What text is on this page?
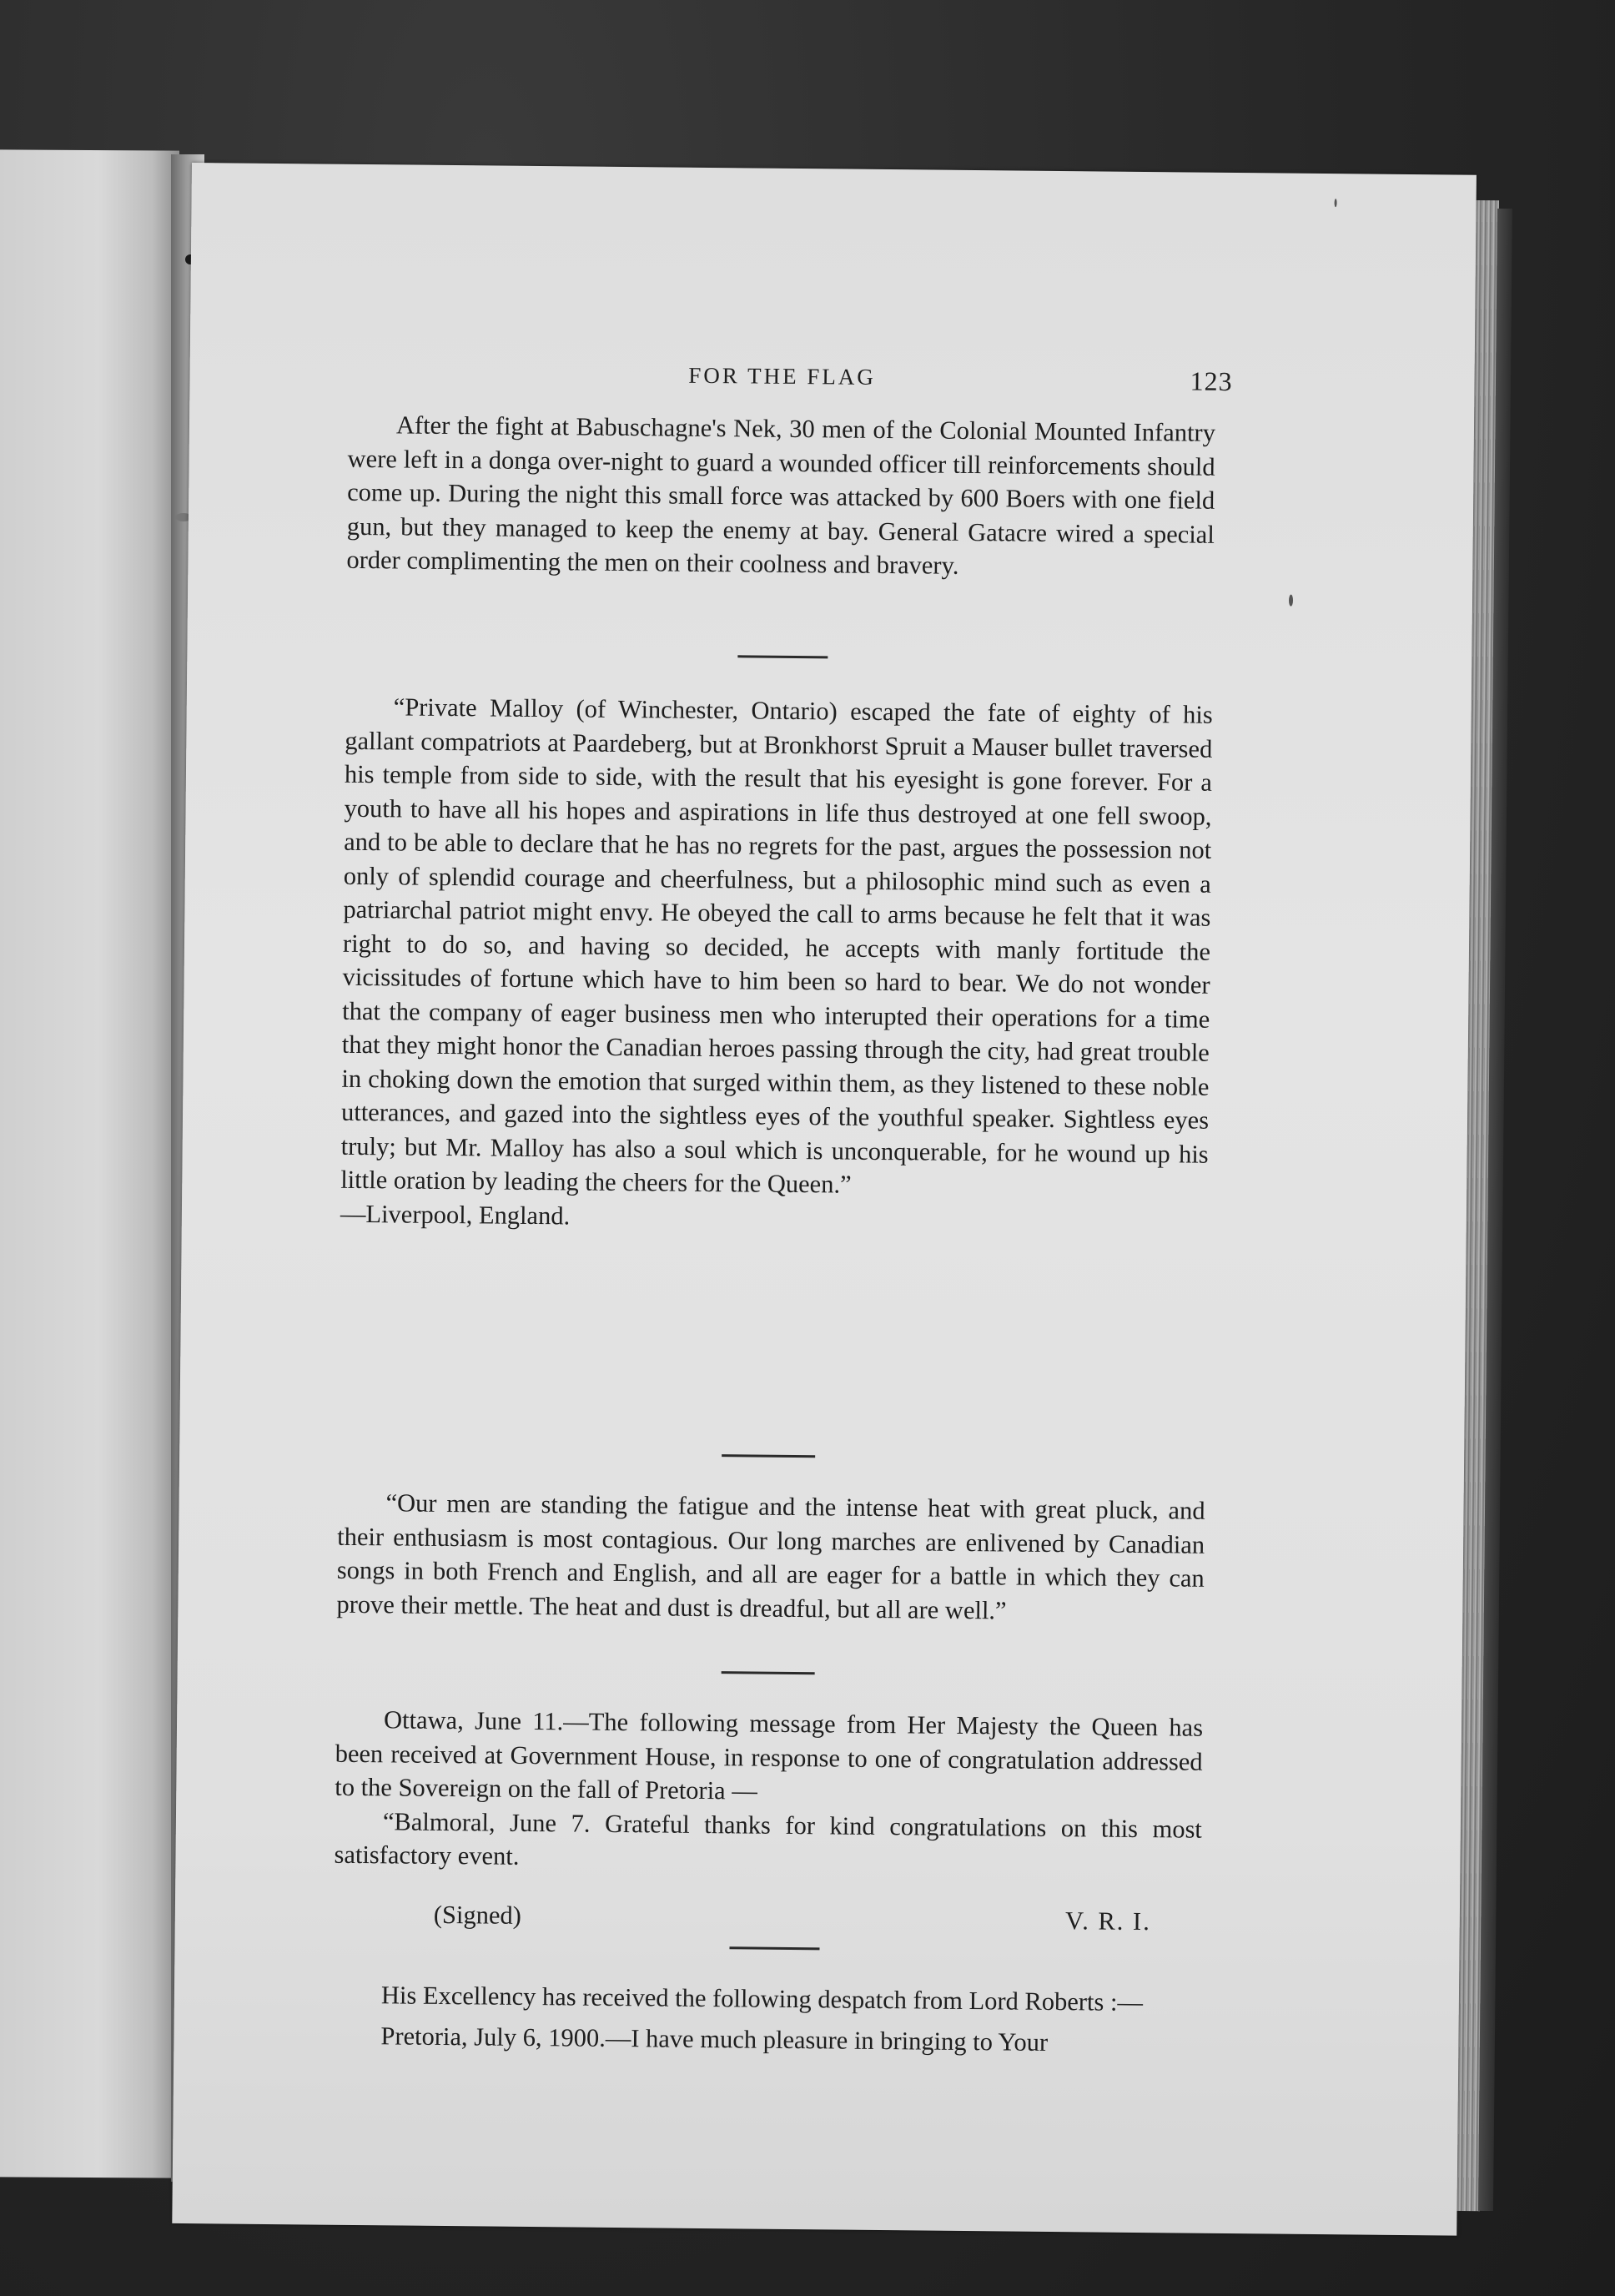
FOR THE FLAG	123

After the fight at Babuschagne's Nek, 30 men of the Colonial Mounted Infantry were left in a donga over-night to guard a wounded officer till reinforcements should come up. During the night this small force was attacked by 600 Boers with one field gun, but they managed to keep the enemy at bay. General Gatacre wired a special order complimenting the men on their coolness and bravery.

“Private Malloy (of Winchester, Ontario) escaped the fate of eighty of his gallant compatriots at Paardeberg, but at Bronkhorst Spruit a Mauser bullet traversed his temple from side to side, with the result that his eyesight is gone forever. For a youth to have all his hopes and aspirations in life thus destroyed at one fell swoop, and to be able to declare that he has no regrets for the past, argues the possession not only of splendid courage and cheerfulness, but a philosophic mind such as even a patriarchal patriot might envy. He obeyed the call to arms because he felt that it was right to do so, and having so decided, he accepts with manly fortitude the vicissitudes of fortune which have to him been so hard to bear. We do not wonder that the company of eager business men who interupted their operations for a time that they might honor the Canadian heroes passing through the city, had great trouble in choking down the emotion that surged within them, as they listened to these noble utterances, and gazed into the sightless eyes of the youthful speaker. Sightless eyes truly; but Mr. Malloy has also a soul which is unconquerable, for he wound up his little oration by leading the cheers for the Queen.”

—Liverpool, England.

“Our men are standing the fatigue and the intense heat with great pluck, and their enthusiasm is most contagious. Our long marches are enlivened by Canadian songs in both French and English, and all are eager for a battle in which they can prove their mettle. The heat and dust is dreadful, but all are well.”

Ottawa, June 11.—The following message from Her Majesty the Queen has been received at Government House, in response to one of congratulation addressed to the Sovereign on the fall of Pretoria —

“Balmoral, June 7. Grateful thanks for kind congratulations on this most satisfactory event.

(Signed)	V. R. I.

His Excellency has received the following despatch from Lord Roberts :—

Pretoria, July 6, 1900.—I have much pleasure in bringing to Your
